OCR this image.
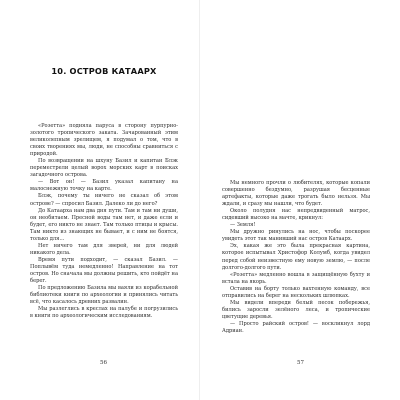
10. ОСТРОВ КАТААРХ

«Розетта» подняла паруса в сторону пурпурно-золотого тропического заката. Зачарованный этим великолепным зрелищем, я подумал о том, что в своих творениях мы, люди, не способны сравниться с природой.

По возвращении на шхуну Базил и капитан Блэк переместрели целый ворох морских карт в поисках загадочного острова.

— Вот он! — Базил указал капитану на малоснежную точку на карте.

Блэк, почему ты ничего не сказал об этом острове? — спросил Базил. Далеко ли до него?

До Катаарха нам два дня пути. Там и там ни души, он необитаем. Пресной воды там нет, и даже если и будет, его никто не знает. Там только птицы и крысы. Там никто из знающих не бывает, и с ним не боятся, только для…

Нет ничего там для зверей, ни для людей никакого дела.

Время пути подходит, — сказал Базил. — Поплывём туда немедленно! Направление на тот остров. Но сначала мы должны решить, кто пойдёт на берег.

По предложению Базила мы ваяли из корабельной библиотеки книги по археологии и принялись читать всё, что касалось древних развалин.

Мы разлеглись в креслах на палубе и погрузились в книги по археологическим исследованиям.

56

Мы немного прочли о любителях, которые копали совершенно бездумно, разрушая бесценные артефакты, которые даже трогать было нельзя. Мы ждали, и сразу мы нашли, что будет.

Около полудня нас непредвиденный матрос, сидевший высоко на мачте, крикнул:

— Земля!

Мы дружно ринулись на нос, чтобы поскорее увидеть этот так манивший нас остров Катаарх.

Эх, какая же это была прекрасная картина, которое испытывал Христофор Колумб, когда увидел перед собой неизвестную ему новую землю, — после долгого-долгого пути.

«Розетта» медленно вошла в защищённую бухту и встала на якорь.

Оставив на борту только вахтенную команду, все отправились на берег на нескольких шлюпках.

Мы видели впереди белый песок побережья, бились заросли зелёного леса, и тропические цветущие деревья.

— Просто райский остров! — воскликнул лорд Адриан.

57
